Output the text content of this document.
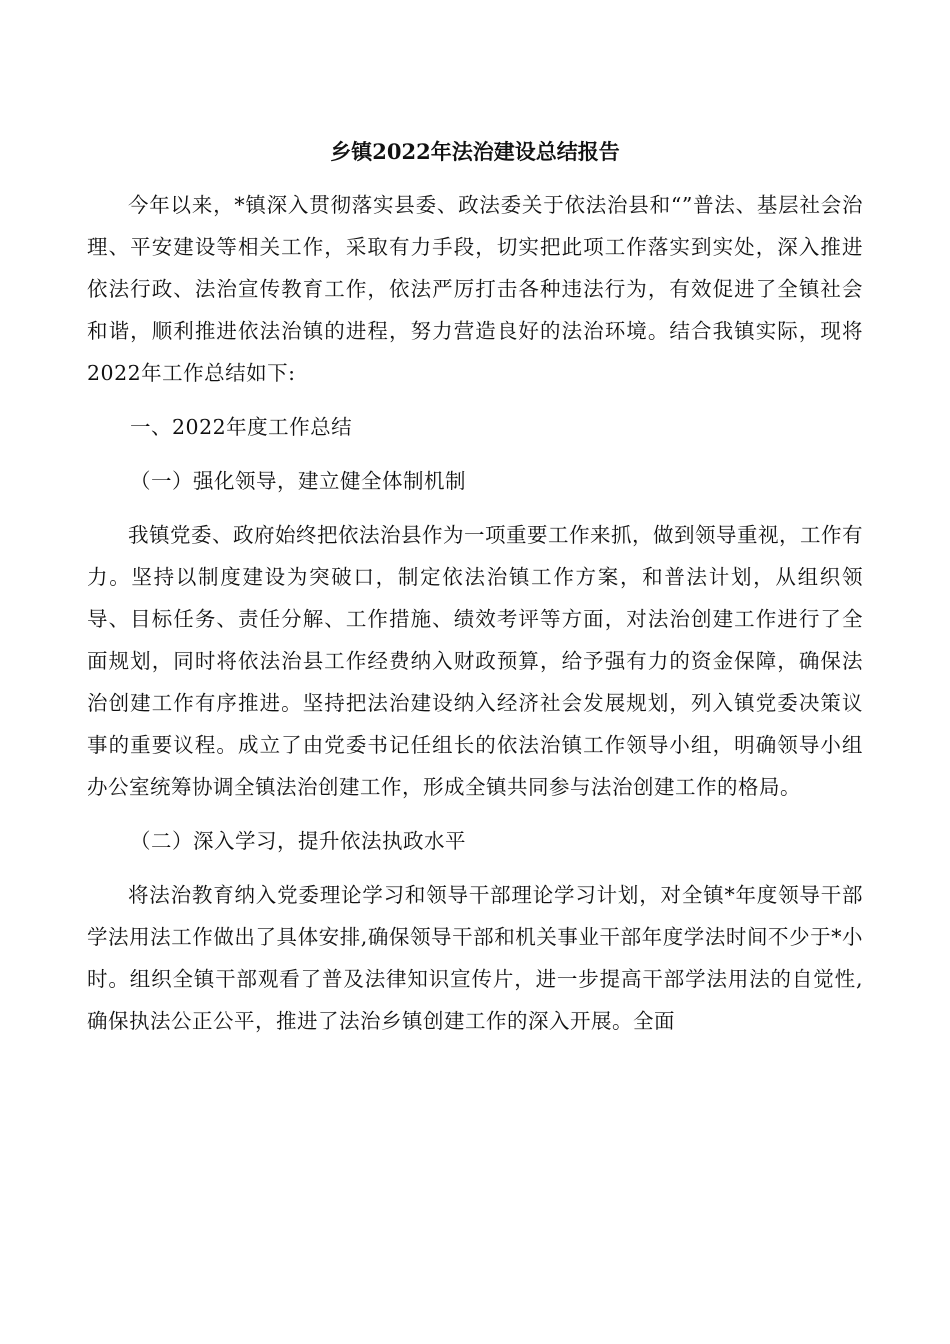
乡镇2022年法治建设总结报告

今年以来，*镇深入贯彻落实县委、政法委关于依法治县和“”普法、基层社会治理、平安建设等相关工作，采取有力手段，切实把此项工作落实到实处，深入推进依法行政、法治宣传教育工作，依法严厉打击各种违法行为，有效促进了全镇社会和谐，顺利推进依法治镇的进程，努力营造良好的法治环境。结合我镇实际，现将2022年工作总结如下:

一、2022年度工作总结

（一）强化领导，建立健全体制机制

我镇党委、政府始终把依法治县作为一项重要工作来抓，做到领导重视，工作有力。坚持以制度建设为突破口，制定依法治镇工作方案，和普法计划，从组织领导、目标任务、责任分解、工作措施、绩效考评等方面，对法治创建工作进行了全面规划，同时将依法治县工作经费纳入财政预算，给予强有力的资金保障，确保法治创建工作有序推进。坚持把法治建设纳入经济社会发展规划，列入镇党委决策议事的重要议程。成立了由党委书记任组长的依法治镇工作领导小组，明确领导小组办公室统筹协调全镇法治创建工作，形成全镇共同参与法治创建工作的格局。

（二）深入学习，提升依法执政水平

将法治教育纳入党委理论学习和领导干部理论学习计划，对全镇*年度领导干部学法用法工作做出了具体安排,确保领导干部和机关事业干部年度学法时间不少于*小时。组织全镇干部观看了普及法律知识宣传片，进一步提高干部学法用法的自觉性,确保执法公正公平，推进了法治乡镇创建工作的深入开展。全面
